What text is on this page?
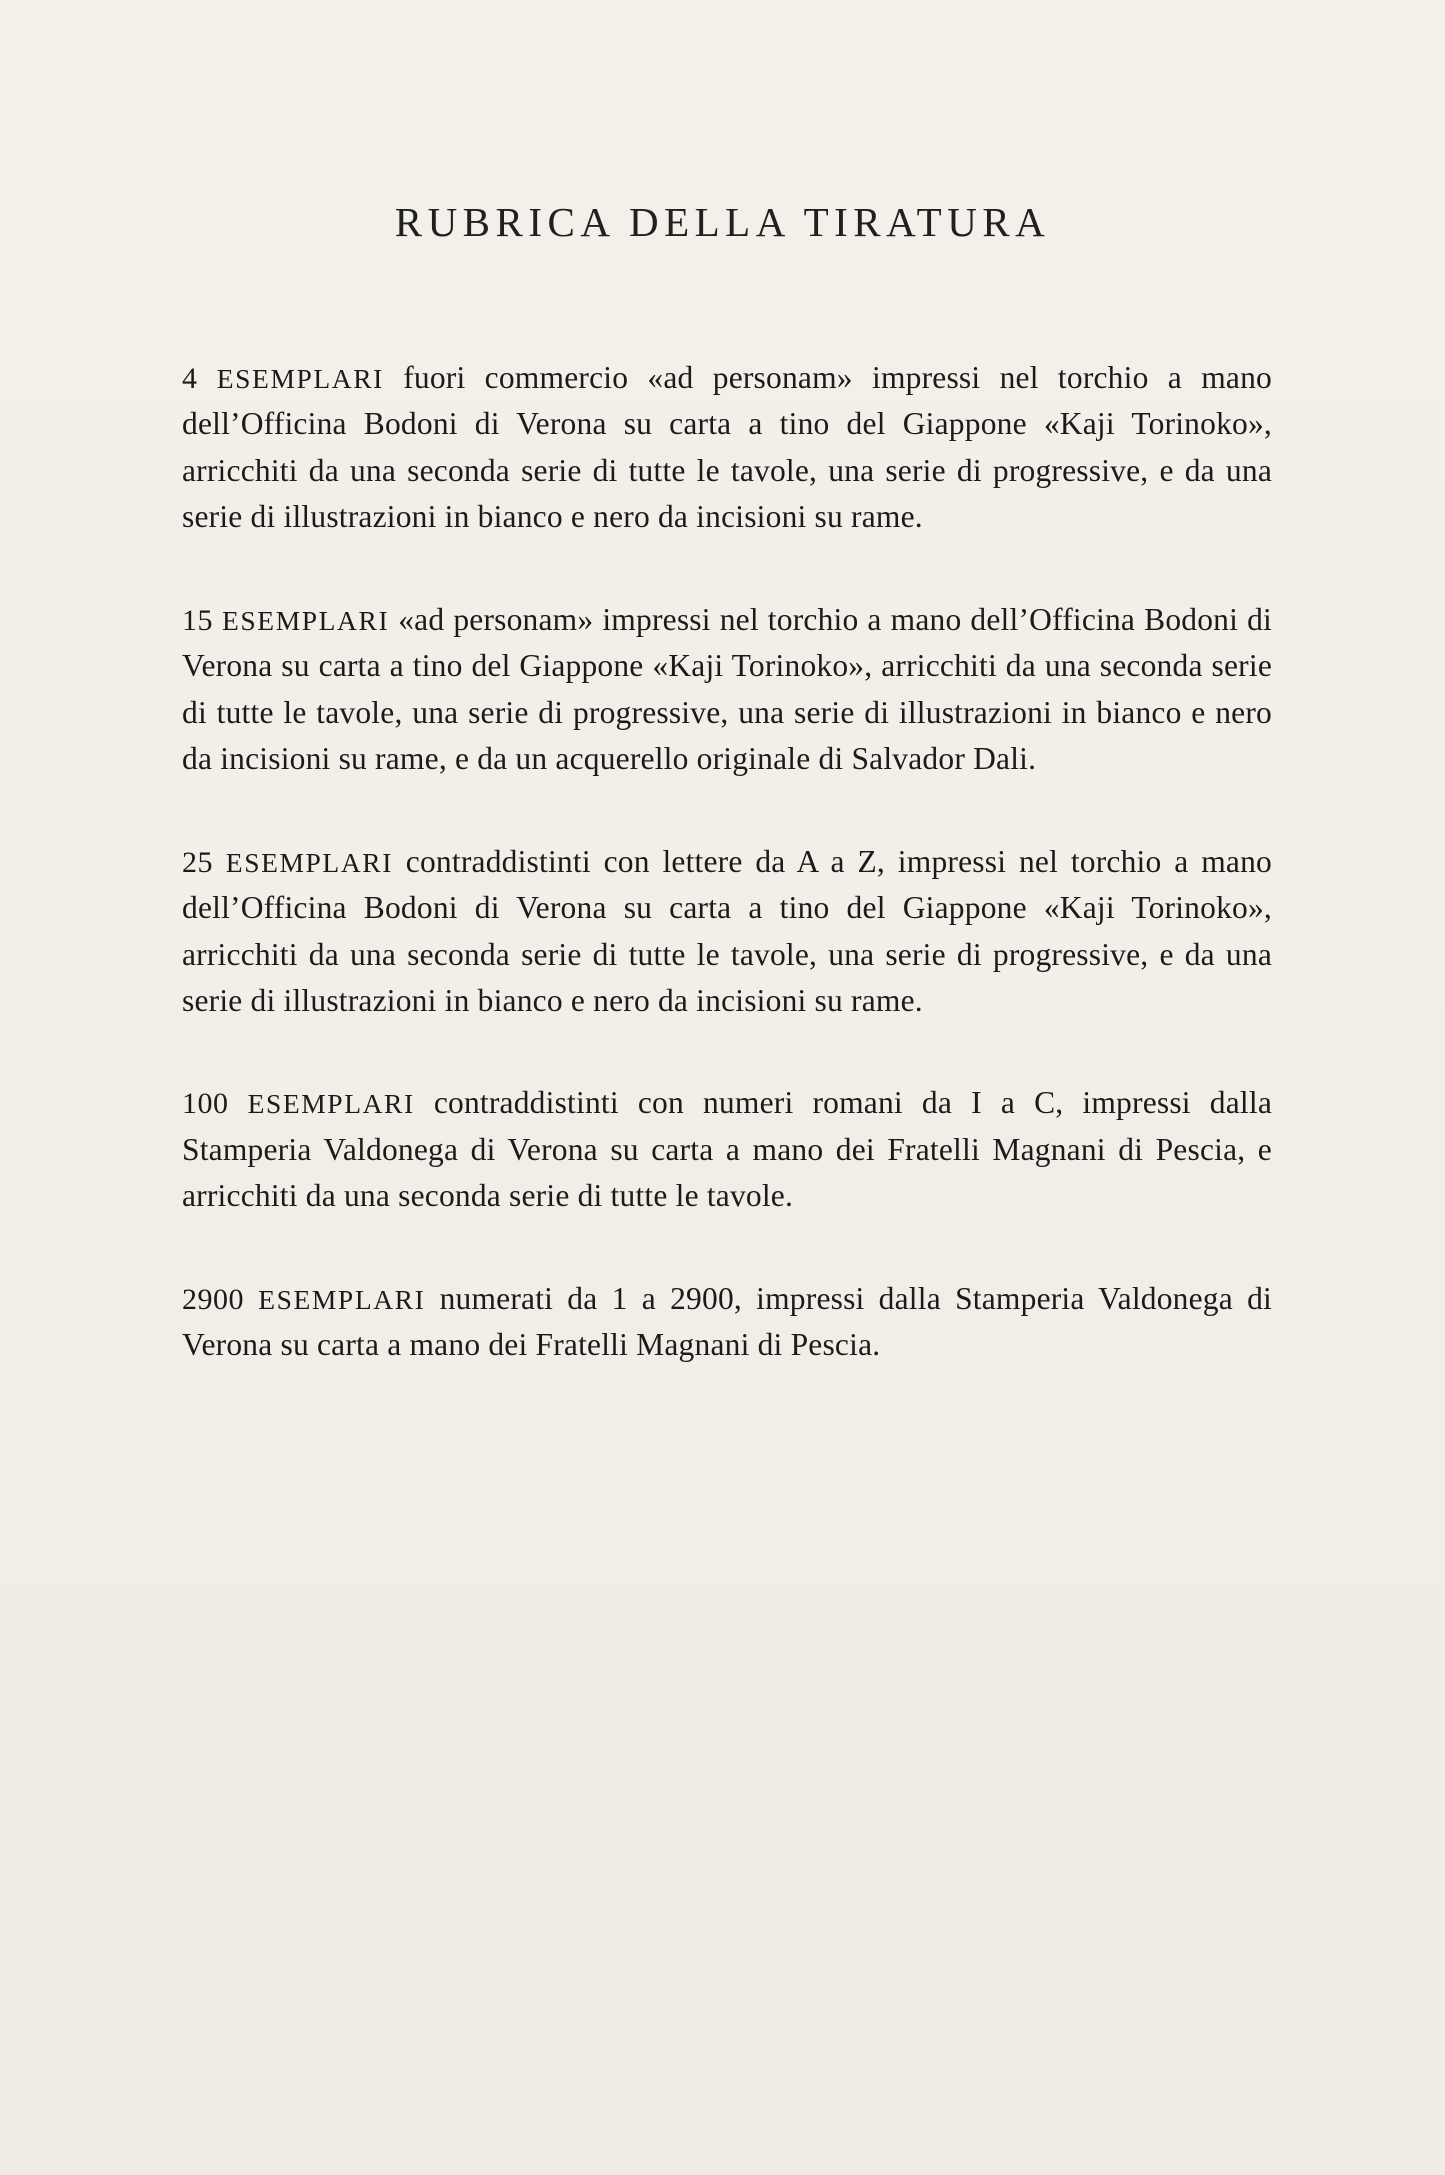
RUBRICA DELLA TIRATURA

4 ESEMPLARI fuori commercio «ad personam» impressi nel torchio a mano dell’Officina Bodoni di Verona su carta a tino del Giappone «Kaji Torinoko», arricchiti da una seconda serie di tutte le tavole, una serie di progressive, e da una serie di illustrazioni in bianco e nero da incisioni su rame.

15 ESEMPLARI «ad personam» impressi nel torchio a mano dell’Officina Bodoni di Verona su carta a tino del Giappone «Kaji Torinoko», arricchiti da una seconda serie di tutte le tavole, una serie di progressive, una serie di illustrazioni in bianco e nero da incisioni su rame, e da un acquerello originale di Salvador Dali.

25 ESEMPLARI contraddistinti con lettere da A a Z, impressi nel torchio a mano dell’Officina Bodoni di Verona su carta a tino del Giappone «Kaji Torinoko», arricchiti da una seconda serie di tutte le tavole, una serie di progressive, e da una serie di illustrazioni in bianco e nero da incisioni su rame.

100 ESEMPLARI contraddistinti con numeri romani da I a C, impressi dalla Stamperia Valdonega di Verona su carta a mano dei Fratelli Magnani di Pescia, e arricchiti da una seconda serie di tutte le tavole.

2900 ESEMPLARI numerati da 1 a 2900, impressi dalla Stamperia Valdonega di Verona su carta a mano dei Fratelli Magnani di Pescia.
